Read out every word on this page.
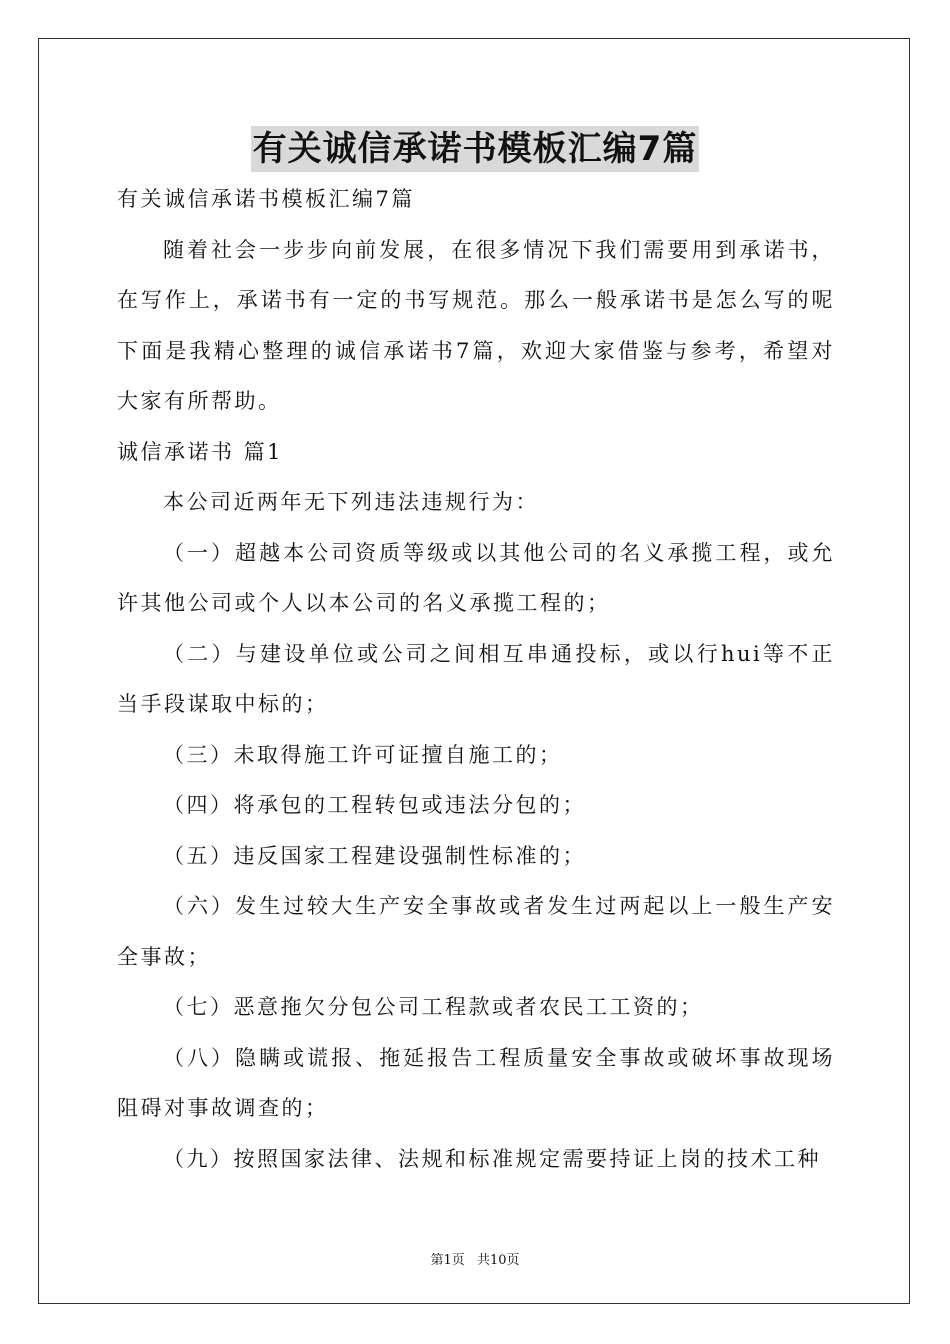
有关诚信承诺书模板汇编7篇

有关诚信承诺书模板汇编7篇

随着社会一步步向前发展，在很多情况下我们需要用到承诺书，在写作上，承诺书有一定的书写规范。那么一般承诺书是怎么写的呢下面是我精心整理的诚信承诺书7篇，欢迎大家借鉴与参考，希望对大家有所帮助。

诚信承诺书 篇1

本公司近两年无下列违法违规行为：

（一）超越本公司资质等级或以其他公司的名义承揽工程，或允许其他公司或个人以本公司的名义承揽工程的；

（二）与建设单位或公司之间相互串通投标，或以行hui等不正当手段谋取中标的；

（三）未取得施工许可证擅自施工的；

（四）将承包的工程转包或违法分包的；

（五）违反国家工程建设强制性标准的；

（六）发生过较大生产安全事故或者发生过两起以上一般生产安全事故；

（七）恶意拖欠分包公司工程款或者农民工工资的；

（八）隐瞒或谎报、拖延报告工程质量安全事故或破坏事故现场阻碍对事故调查的；

（九）按照国家法律、法规和标准规定需要持证上岗的技术工种

第1页 共10页
